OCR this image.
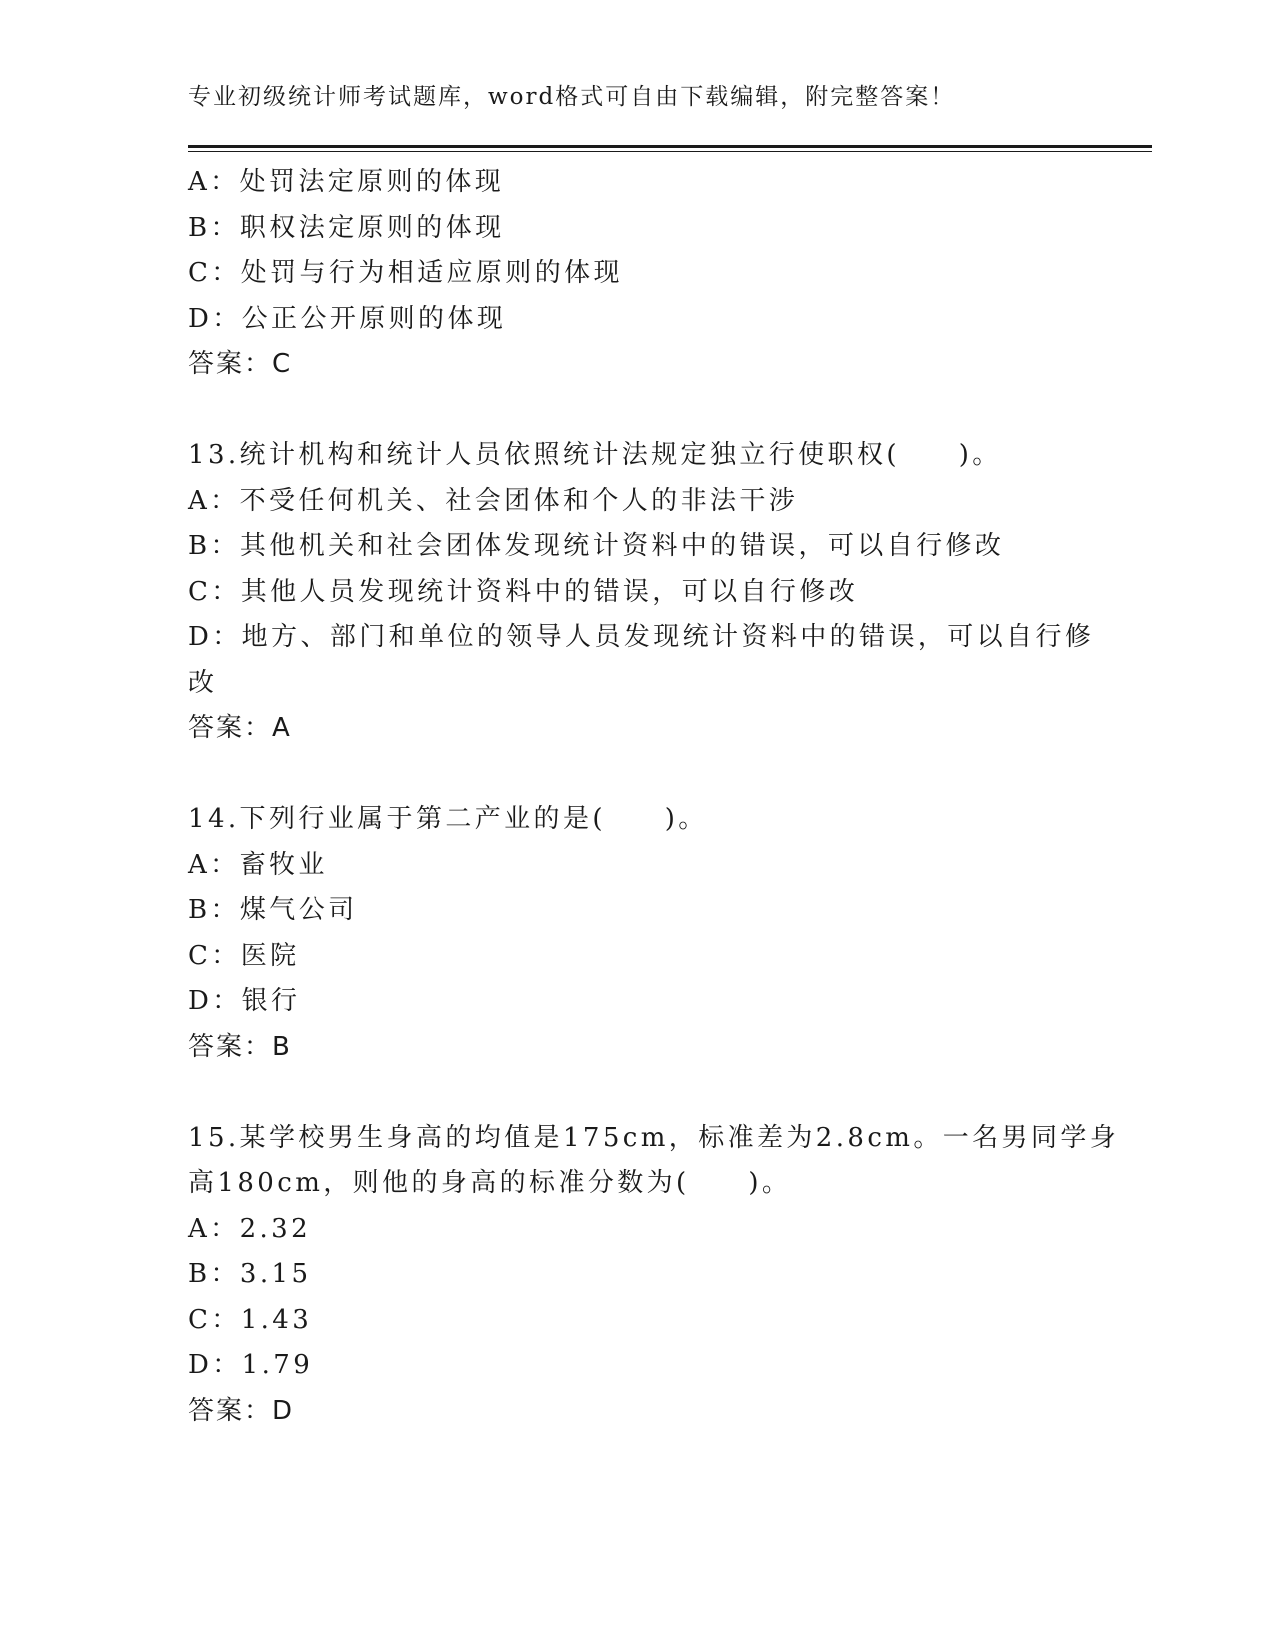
专业初级统计师考试题库，word格式可自由下载编辑，附完整答案！

A：处罚法定原则的体现

B：职权法定原则的体现

C：处罚与行为相适应原则的体现

D：公正公开原则的体现

答案：C

13.统计机构和统计人员依照统计法规定独立行使职权(　　)。

A：不受任何机关、社会团体和个人的非法干涉

B：其他机关和社会团体发现统计资料中的错误，可以自行修改

C：其他人员发现统计资料中的错误，可以自行修改

D：地方、部门和单位的领导人员发现统计资料中的错误，可以自行修

改

答案：A

14.下列行业属于第二产业的是(　　)。

A：畜牧业

B：煤气公司

C：医院

D：银行

答案：B

15.某学校男生身高的均值是175cm，标准差为2.8cm。一名男同学身

高180cm，则他的身高的标准分数为(　　)。

A：2.32

B：3.15

C：1.43

D：1.79

答案：D
